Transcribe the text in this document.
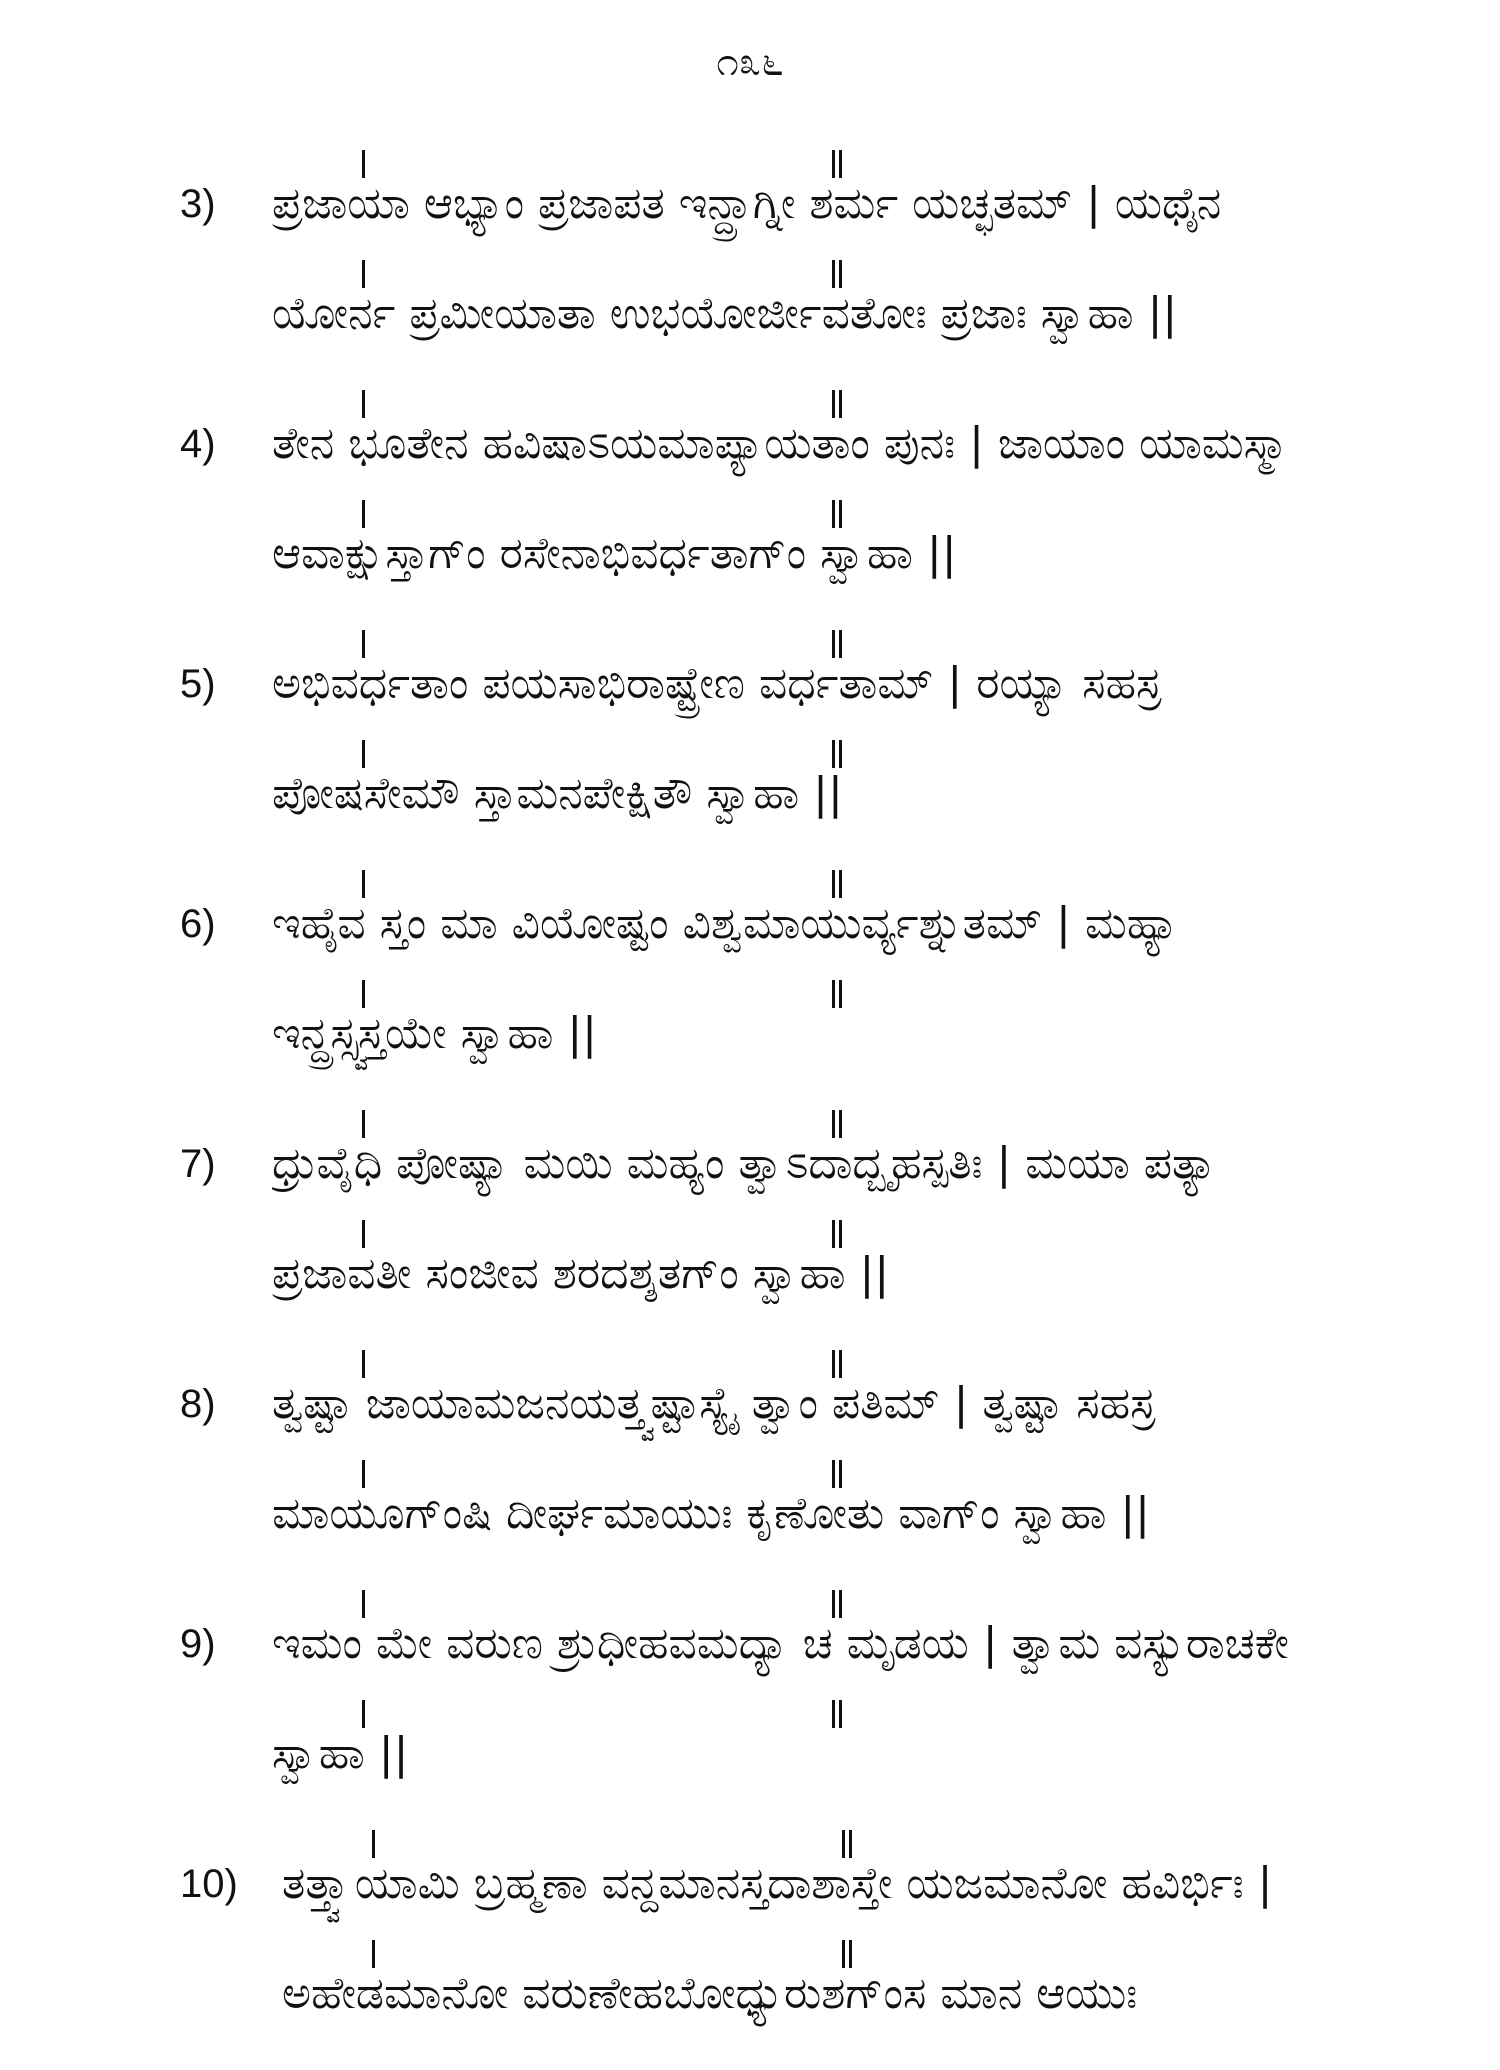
೧೩೬
3) ಪ್ರಜಾಯಾ ಆಭ್ಯಾಂ ಪ್ರಜಾಪತ ಇನ್ದ್ರಾಗ್ನೀ ಶರ್ಮ ಯಚ್ಛತಮ್ | ಯಥೈನ
ಯೋರ್ನ ಪ್ರಮೀಯಾತಾ ಉಭಯೋರ್ಜೀವತೋಃ ಪ್ರಜಾಃ ಸ್ವಾಹಾ ||
4) ತೇನ ಭೂತೇನ ಹವಿಷಾಽಯಮಾಪ್ಯಾಯತಾಂ ಪುನಃ | ಜಾಯಾಂ ಯಾಮಸ್ಮಾ
ಆವಾಕ್ಷುಸ್ತಾಗ್ಂ ರಸೇನಾಭಿವರ್ಧತಾಗ್ಂ ಸ್ವಾಹಾ ||
5) ಅಭಿವರ್ಧತಾಂ ಪಯಸಾಭಿರಾಷ್ಟ್ರೇಣ ವರ್ಧತಾಮ್ | ರಯ್ಯಾ ಸಹಸ್ರ
ಪೋಷಸೇಮೌ ಸ್ತಾಮನಪೇಕ್ಷಿತೌ ಸ್ವಾಹಾ ||
6) ಇಹೈವ ಸ್ತಂ ಮಾ ವಿಯೋಷ್ಟಂ ವಿಶ್ವಮಾಯುರ್ವ್ಯಶ್ನುತಮ್ | ಮಹ್ಯಾ
ಇನ್ದ್ರಸ್ಸ್ವಸ್ತಯೇ ಸ್ವಾಹಾ ||
7) ಧ್ರುವೈಧಿ ಪೋಷ್ಯಾ ಮಯಿ ಮಹ್ಯಂ ತ್ವಾಽದಾದ್ಬೃಹಸ್ಪತಿಃ | ಮಯಾ ಪತ್ಯಾ
ಪ್ರಜಾವತೀ ಸಂಜೀವ ಶರದಶ್ಶತಗ್ಂ ಸ್ವಾಹಾ ||
8) ತ್ವಷ್ಟಾ ಜಾಯಾಮಜನಯತ್ತ್ವಷ್ಟಾಸ್ಯೈ ತ್ವಾಂ ಪತಿಮ್ | ತ್ವಷ್ಟಾ ಸಹಸ್ರ
ಮಾಯೂಗ್ಂಷಿ ದೀರ್ಘಮಾಯುಃ ಕೃಣೋತು ವಾಗ್ಂ ಸ್ವಾಹಾ ||
9) ಇಮಂ ಮೇ ವರುಣ ಶ್ರುಧೀಹವಮದ್ಯಾ ಚ ಮೃಡಯ | ತ್ವಾಮ ವಸ್ಯುರಾಚಕೇ
ಸ್ವಾಹಾ ||
10) ತತ್ತ್ವಾಯಾಮಿ ಬ್ರಹ್ಮಣಾ ವನ್ದಮಾನಸ್ತದಾಶಾಸ್ತೇ ಯಜಮಾನೋ ಹವಿರ್ಭಿಃ |
ಅಹೇಡಮಾನೋ ವರುಣೇಹಬೋಧ್ಯುರುಶಗ್ಂಸ ಮಾನ ಆಯುಃ
